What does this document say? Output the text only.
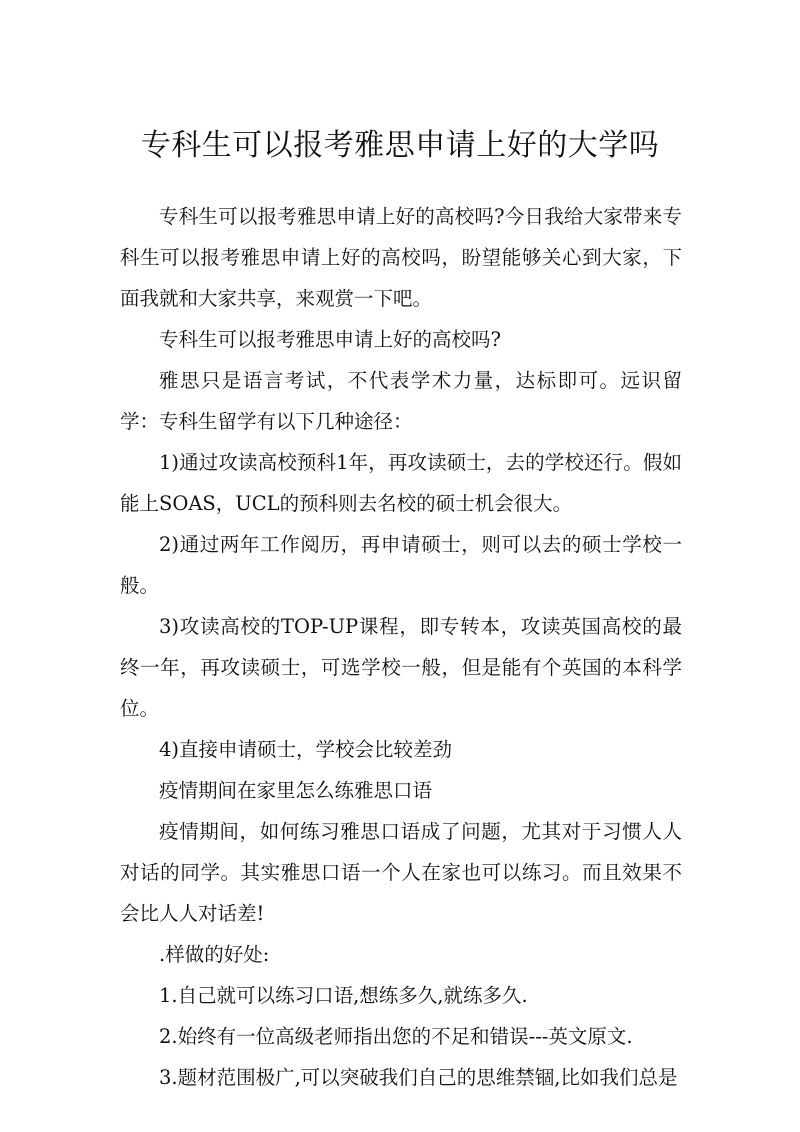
专科生可以报考雅思申请上好的大学吗

专科生可以报考雅思申请上好的高校吗?今日我给大家带来专科生可以报考雅思申请上好的高校吗，盼望能够关心到大家，下面我就和大家共享，来观赏一下吧。

专科生可以报考雅思申请上好的高校吗?

雅思只是语言考试，不代表学术力量，达标即可。远识留学：专科生留学有以下几种途径：

1)通过攻读高校预科1年，再攻读硕士，去的学校还行。假如能上SOAS，UCL的预科则去名校的硕士机会很大。

2)通过两年工作阅历，再申请硕士，则可以去的硕士学校一般。

3)攻读高校的TOP-UP课程，即专转本，攻读英国高校的最终一年，再攻读硕士，可选学校一般，但是能有个英国的本科学位。

4)直接申请硕士，学校会比较差劲

疫情期间在家里怎么练雅思口语

疫情期间，如何练习雅思口语成了问题，尤其对于习惯人人对话的同学。其实雅思口语一个人在家也可以练习。而且效果不会比人人对话差!

.样做的好处:

1.自己就可以练习口语,想练多久,就练多久.

2.始终有一位高级老师指出您的不足和错误---英文原文.

3.题材范围极广,可以突破我们自己的思维禁锢,比如我们总是
